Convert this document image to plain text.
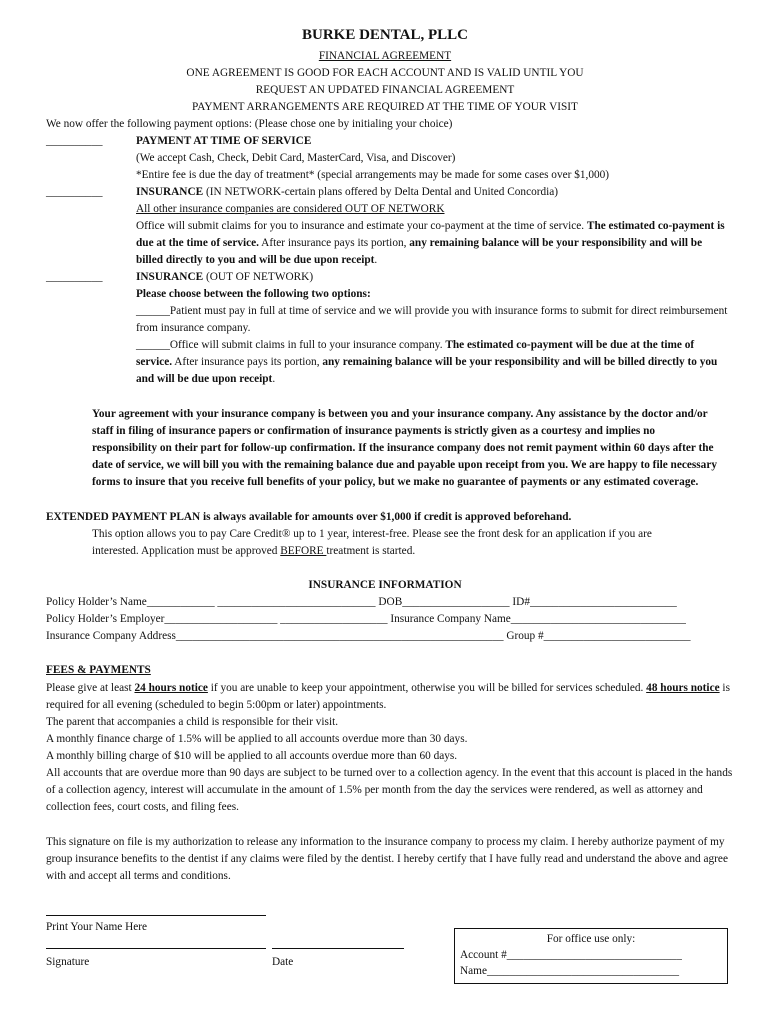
BURKE DENTAL, PLLC
FINANCIAL AGREEMENT
ONE AGREEMENT IS GOOD FOR EACH ACCOUNT AND IS VALID UNTIL YOU
REQUEST AN UPDATED FINANCIAL AGREEMENT
PAYMENT ARRANGEMENTS ARE REQUIRED AT THE TIME OF YOUR VISIT
We now offer the following payment options: (Please chose one by initialing your choice)
__________	PAYMENT AT TIME OF SERVICE
(We accept Cash, Check, Debit Card, MasterCard, Visa, and Discover)
*Entire fee is due the day of treatment* (special arrangements may be made for some cases over $1,000)
__________	INSURANCE (IN NETWORK-certain plans offered by Delta Dental and United Concordia)
All other insurance companies are considered OUT OF NETWORK
Office will submit claims for you to insurance and estimate your co-payment at the time of service. The estimated co-payment is due at the time of service. After insurance pays its portion, any remaining balance will be your responsibility and will be billed directly to you and will be due upon receipt.
__________	INSURANCE (OUT OF NETWORK)
Please choose between the following two options:
______Patient must pay in full at time of service and we will provide you with insurance forms to submit for direct reimbursement from insurance company.
______Office will submit claims in full to your insurance company. The estimated co-payment will be due at the time of service. After insurance pays its portion, any remaining balance will be your responsibility and will be billed directly to you and will be due upon receipt.
Your agreement with your insurance company is between you and your insurance company. Any assistance by the doctor and/or staff in filing of insurance papers or confirmation of insurance payments is strictly given as a courtesy and implies no responsibility on their part for follow-up confirmation. If the insurance company does not remit payment within 60 days after the date of service, we will bill you with the remaining balance due and payable upon receipt from you. We are happy to file necessary forms to insure that you receive full benefits of your policy, but we make no guarantee of payments or any estimated coverage.
EXTENDED PAYMENT PLAN is always available for amounts over $1,000 if credit is approved beforehand.
This option allows you to pay Care Credit® up to 1 year, interest-free. Please see the front desk for an application if you are
interested. Application must be approved BEFORE treatment is started.
INSURANCE INFORMATION
Policy Holder’s Name____________ ____________________________ DOB___________________ ID#__________________________
Policy Holder’s Employer____________________ ___________________ Insurance Company Name_______________________________
Insurance Company Address__________________________________________________________ Group #__________________________
FEES & PAYMENTS
Please give at least 24 hours notice if you are unable to keep your appointment, otherwise you will be billed for services scheduled. 48 hours notice is required for all evening (scheduled to begin 5:00pm or later) appointments.
The parent that accompanies a child is responsible for their visit.
A monthly finance charge of 1.5% will be applied to all accounts overdue more than 30 days.
A monthly billing charge of $10 will be applied to all accounts overdue more than 60 days.
All accounts that are overdue more than 90 days are subject to be turned over to a collection agency. In the event that this account is placed in the hands of a collection agency, interest will accumulate in the amount of 1.5% per month from the day the services were rendered, as well as attorney and collection fees, court costs, and filing fees.
This signature on file is my authorization to release any information to the insurance company to process my claim. I hereby authorize payment of my group insurance benefits to the dentist if any claims were filed by the dentist. I hereby certify that I have fully read and understand the above and agree with and accept all terms and conditions.
Print Your Name Here
Signature	Date
For office use only:
Account #_______________________________
Name__________________________________
